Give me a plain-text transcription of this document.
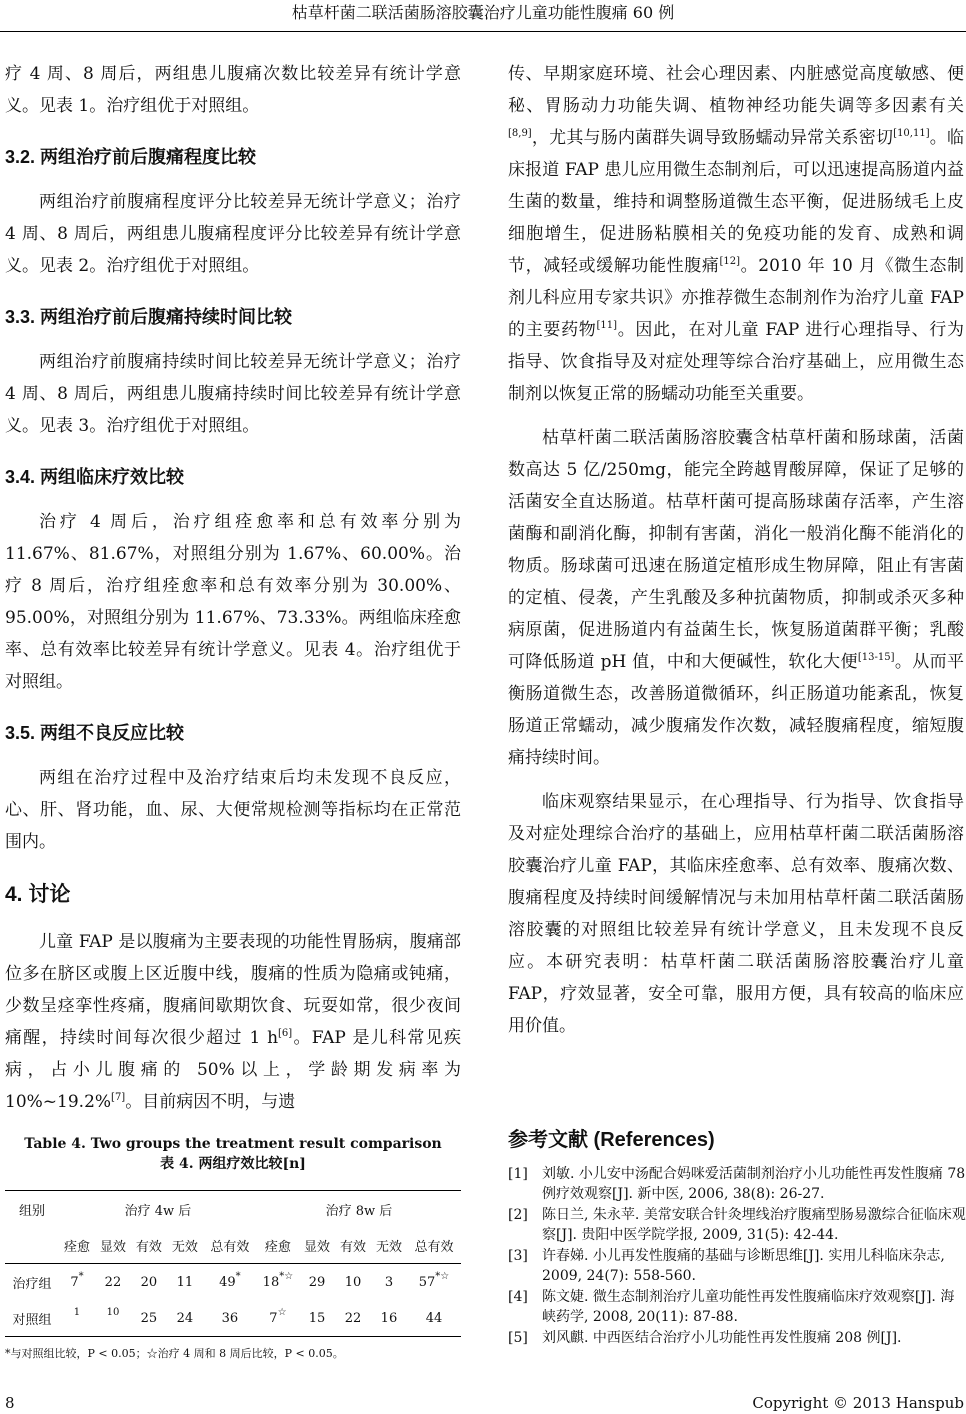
枯草杆菌二联活菌肠溶胶囊治疗儿童功能性腹痛 60 例

疗 4 周、8 周后，两组患儿腹痛次数比较差异有统计学意义。见表 1。治疗组优于对照组。

3.2. 两组治疗前后腹痛程度比较

两组治疗前腹痛程度评分比较差异无统计学意义；治疗 4 周、8 周后，两组患儿腹痛程度评分比较差异有统计学意义。见表 2。治疗组优于对照组。

3.3. 两组治疗前后腹痛持续时间比较

两组治疗前腹痛持续时间比较差异无统计学意义；治疗 4 周、8 周后，两组患儿腹痛持续时间比较差异有统计学意义。见表 3。治疗组优于对照组。

3.4. 两组临床疗效比较

治疗 4 周后，治疗组痊愈率和总有效率分别为 11.67%、81.67%，对照组分别为 1.67%、60.00%。治疗 8 周后，治疗组痊愈率和总有效率分别为 30.00%、95.00%，对照组分别为 11.67%、73.33%。两组临床痊愈率、总有效率比较差异有统计学意义。见表 4。治疗组优于对照组。

3.5. 两组不良反应比较

两组在治疗过程中及治疗结束后均未发现不良反应，心、肝、肾功能，血、尿、大便常规检测等指标均在正常范围内。

4. 讨论

儿童 FAP 是以腹痛为主要表现的功能性胃肠病，腹痛部位多在脐区或腹上区近腹中线，腹痛的性质为隐痛或钝痛，少数呈痉挛性疼痛，腹痛间歇期饮食、玩耍如常，很少夜间痛醒，持续时间每次很少超过 1 h[6]。FAP 是儿科常见疾病，占小儿腹痛的 50%以上，学龄期发病率为 10%~19.2%[7]。目前病因不明，与遗

传、早期家庭环境、社会心理因素、内脏感觉高度敏感、便秘、胃肠动力功能失调、植物神经功能失调等多因素有关[8,9]，尤其与肠内菌群失调导致肠蠕动异常关系密切[10,11]。临床报道 FAP 患儿应用微生态制剂后，可以迅速提高肠道内益生菌的数量，维持和调整肠道微生态平衡，促进肠绒毛上皮细胞增生，促进肠粘膜相关的免疫功能的发育、成熟和调节，减轻或缓解功能性腹痛[12]。2010 年 10 月《微生态制剂儿科应用专家共识》亦推荐微生态制剂作为治疗儿童 FAP 的主要药物[11]。因此，在对儿童 FAP 进行心理指导、行为指导、饮食指导及对症处理等综合治疗基础上，应用微生态制剂以恢复正常的肠蠕动功能至关重要。

枯草杆菌二联活菌肠溶胶囊含枯草杆菌和肠球菌，活菌数高达 5 亿/250mg，能完全跨越胃酸屏障，保证了足够的活菌安全直达肠道。枯草杆菌可提高肠球菌存活率，产生溶菌酶和副消化酶，抑制有害菌，消化一般消化酶不能消化的物质。肠球菌可迅速在肠道定植形成生物屏障，阻止有害菌的定植、侵袭，产生乳酸及多种抗菌物质，抑制或杀灭多种病原菌，促进肠道内有益菌生长，恢复肠道菌群平衡；乳酸可降低肠道 pH 值，中和大便碱性，软化大便[13-15]。从而平衡肠道微生态，改善肠道微循环，纠正肠道功能紊乱，恢复肠道正常蠕动，减少腹痛发作次数，减轻腹痛程度，缩短腹痛持续时间。

临床观察结果显示，在心理指导、行为指导、饮食指导及对症处理综合治疗的基础上，应用枯草杆菌二联活菌肠溶胶囊治疗儿童 FAP，其临床痊愈率、总有效率、腹痛次数、腹痛程度及持续时间缓解情况与未加用枯草杆菌二联活菌肠溶胶囊的对照组比较差异有统计学意义，且未发现不良反应。本研究表明：枯草杆菌二联活菌肠溶胶囊治疗儿童 FAP，疗效显著，安全可靠，服用方便，具有较高的临床应用价值。

Table 4. Two groups the treatment result comparison
表 4. 两组疗效比较[n]
组别	治疗 4w 后					治疗 8w 后				
	痊愈	显效	有效	无效	总有效	痊愈	显效	有效	无效	总有效
治疗组	7*	22	20	11	49*	18*☆	29	10	3	57*☆
对照组	$^1$	$^{10}$	25	24	36	7☆	15	22	16	44
*与对照组比较，P < 0.05；☆治疗 4 周和 8 周后比较，P < 0.05。
参考文献 (References)
[1] 刘敏. 小儿安中汤配合妈咪爱活菌制剂治疗小儿功能性再发性腹痛 78 例疗效观察[J]. 新中医, 2006, 38(8): 26-27.
[2] 陈日兰, 朱永苹. 美常安联合针灸埋线治疗腹痛型肠易激综合征临床观察[J]. 贵阳中医学院学报, 2009, 31(5): 42-44.
[3] 许春娣. 小儿再发性腹痛的基础与诊断思维[J]. 实用儿科临床杂志, 2009, 24(7): 558-560.
[4] 陈文婕. 微生态制剂治疗儿童功能性再发性腹痛临床疗效观察[J]. 海峡药学, 2008, 20(11): 87-88.
[5] 刘风麒. 中西医结合治疗小儿功能性再发性腹痛 208 例[J].
8	Copyright © 2013 Hanspub
